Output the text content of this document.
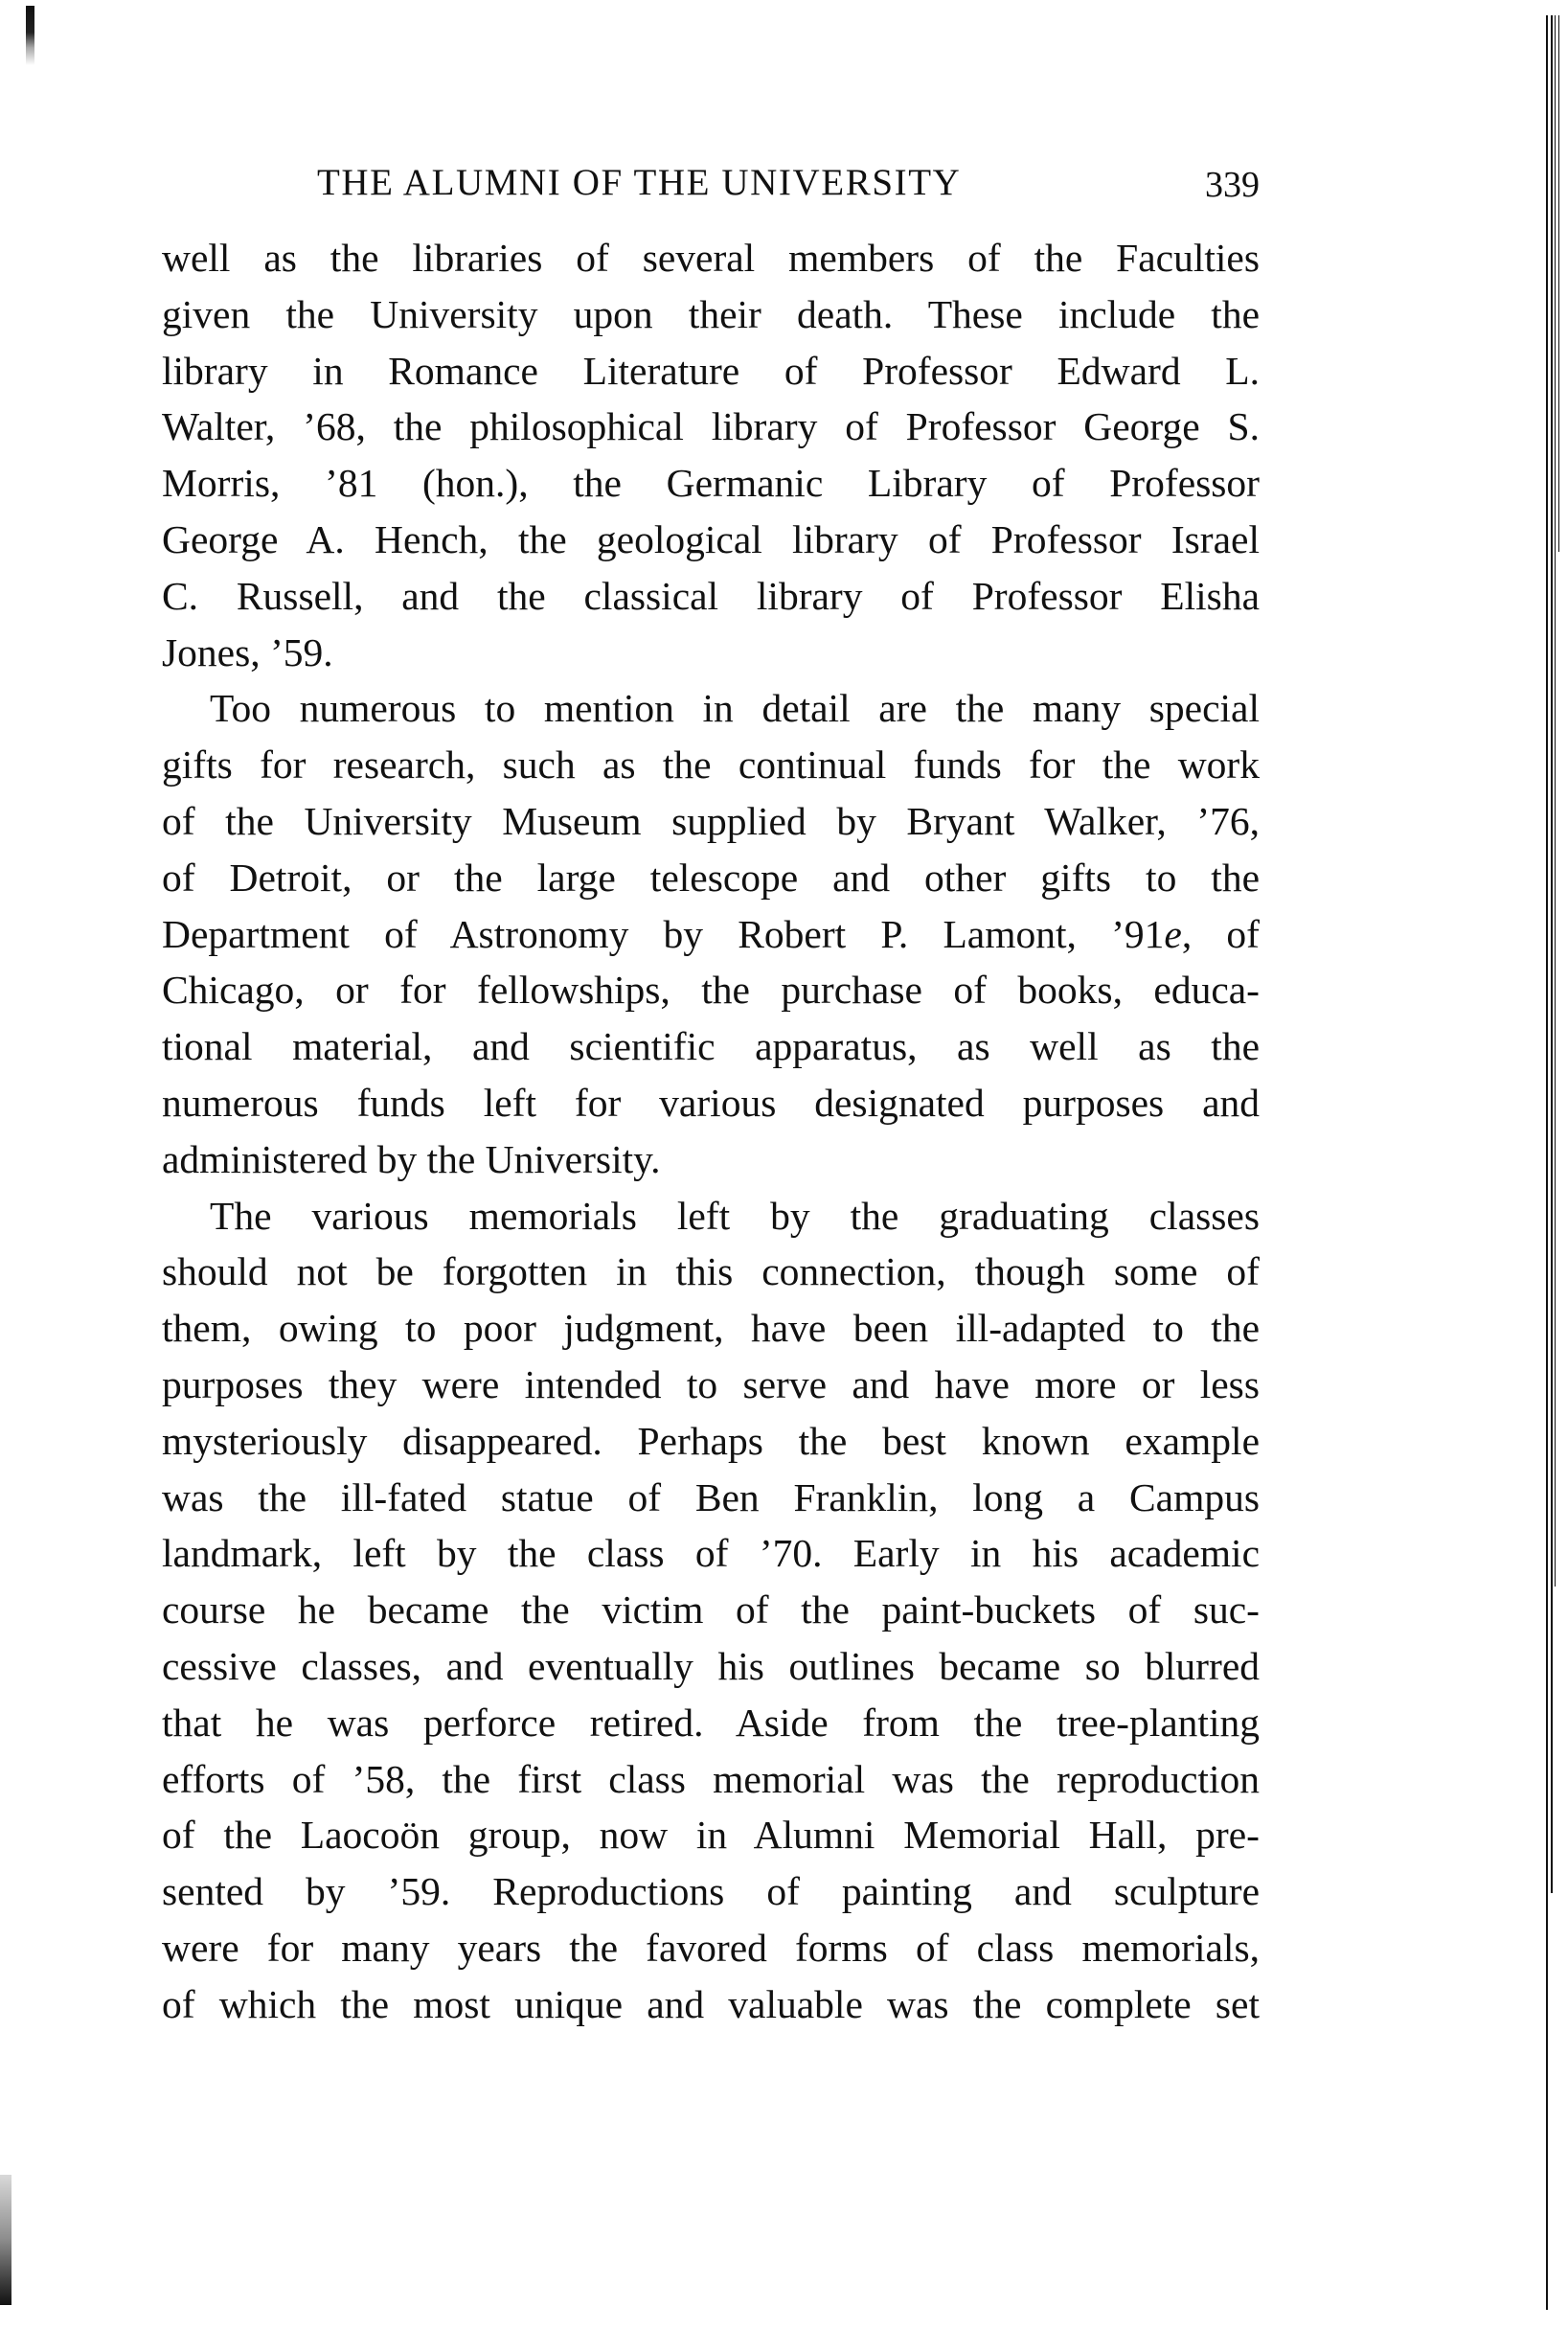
THE ALUMNI OF THE UNIVERSITY	339
well as the libraries of several members of the Faculties
given the University upon their death. These include the
library in Romance Literature of Professor Edward L.
Walter, ’68, the philosophical library of Professor George S.
Morris, ’81 (hon.), the Germanic Library of Professor
George A. Hench, the geological library of Professor Israel
C. Russell, and the classical library of Professor Elisha
Jones, ’59.
Too numerous to mention in detail are the many special
gifts for research, such as the continual funds for the work
of the University Museum supplied by Bryant Walker, ’76,
of Detroit, or the large telescope and other gifts to the
Department of Astronomy by Robert P. Lamont, ’91e, of
Chicago, or for fellowships, the purchase of books, educa-
tional material, and scientific apparatus, as well as the
numerous funds left for various designated purposes and
administered by the University.
The various memorials left by the graduating classes
should not be forgotten in this connection, though some of
them, owing to poor judgment, have been ill-adapted to the
purposes they were intended to serve and have more or less
mysteriously disappeared. Perhaps the best known example
was the ill-fated statue of Ben Franklin, long a Campus
landmark, left by the class of ’70. Early in his academic
course he became the victim of the paint-buckets of suc-
cessive classes, and eventually his outlines became so blurred
that he was perforce retired. Aside from the tree-planting
efforts of ’58, the first class memorial was the reproduction
of the Laocoön group, now in Alumni Memorial Hall, pre-
sented by ’59. Reproductions of painting and sculpture
were for many years the favored forms of class memorials,
of which the most unique and valuable was the complete set
